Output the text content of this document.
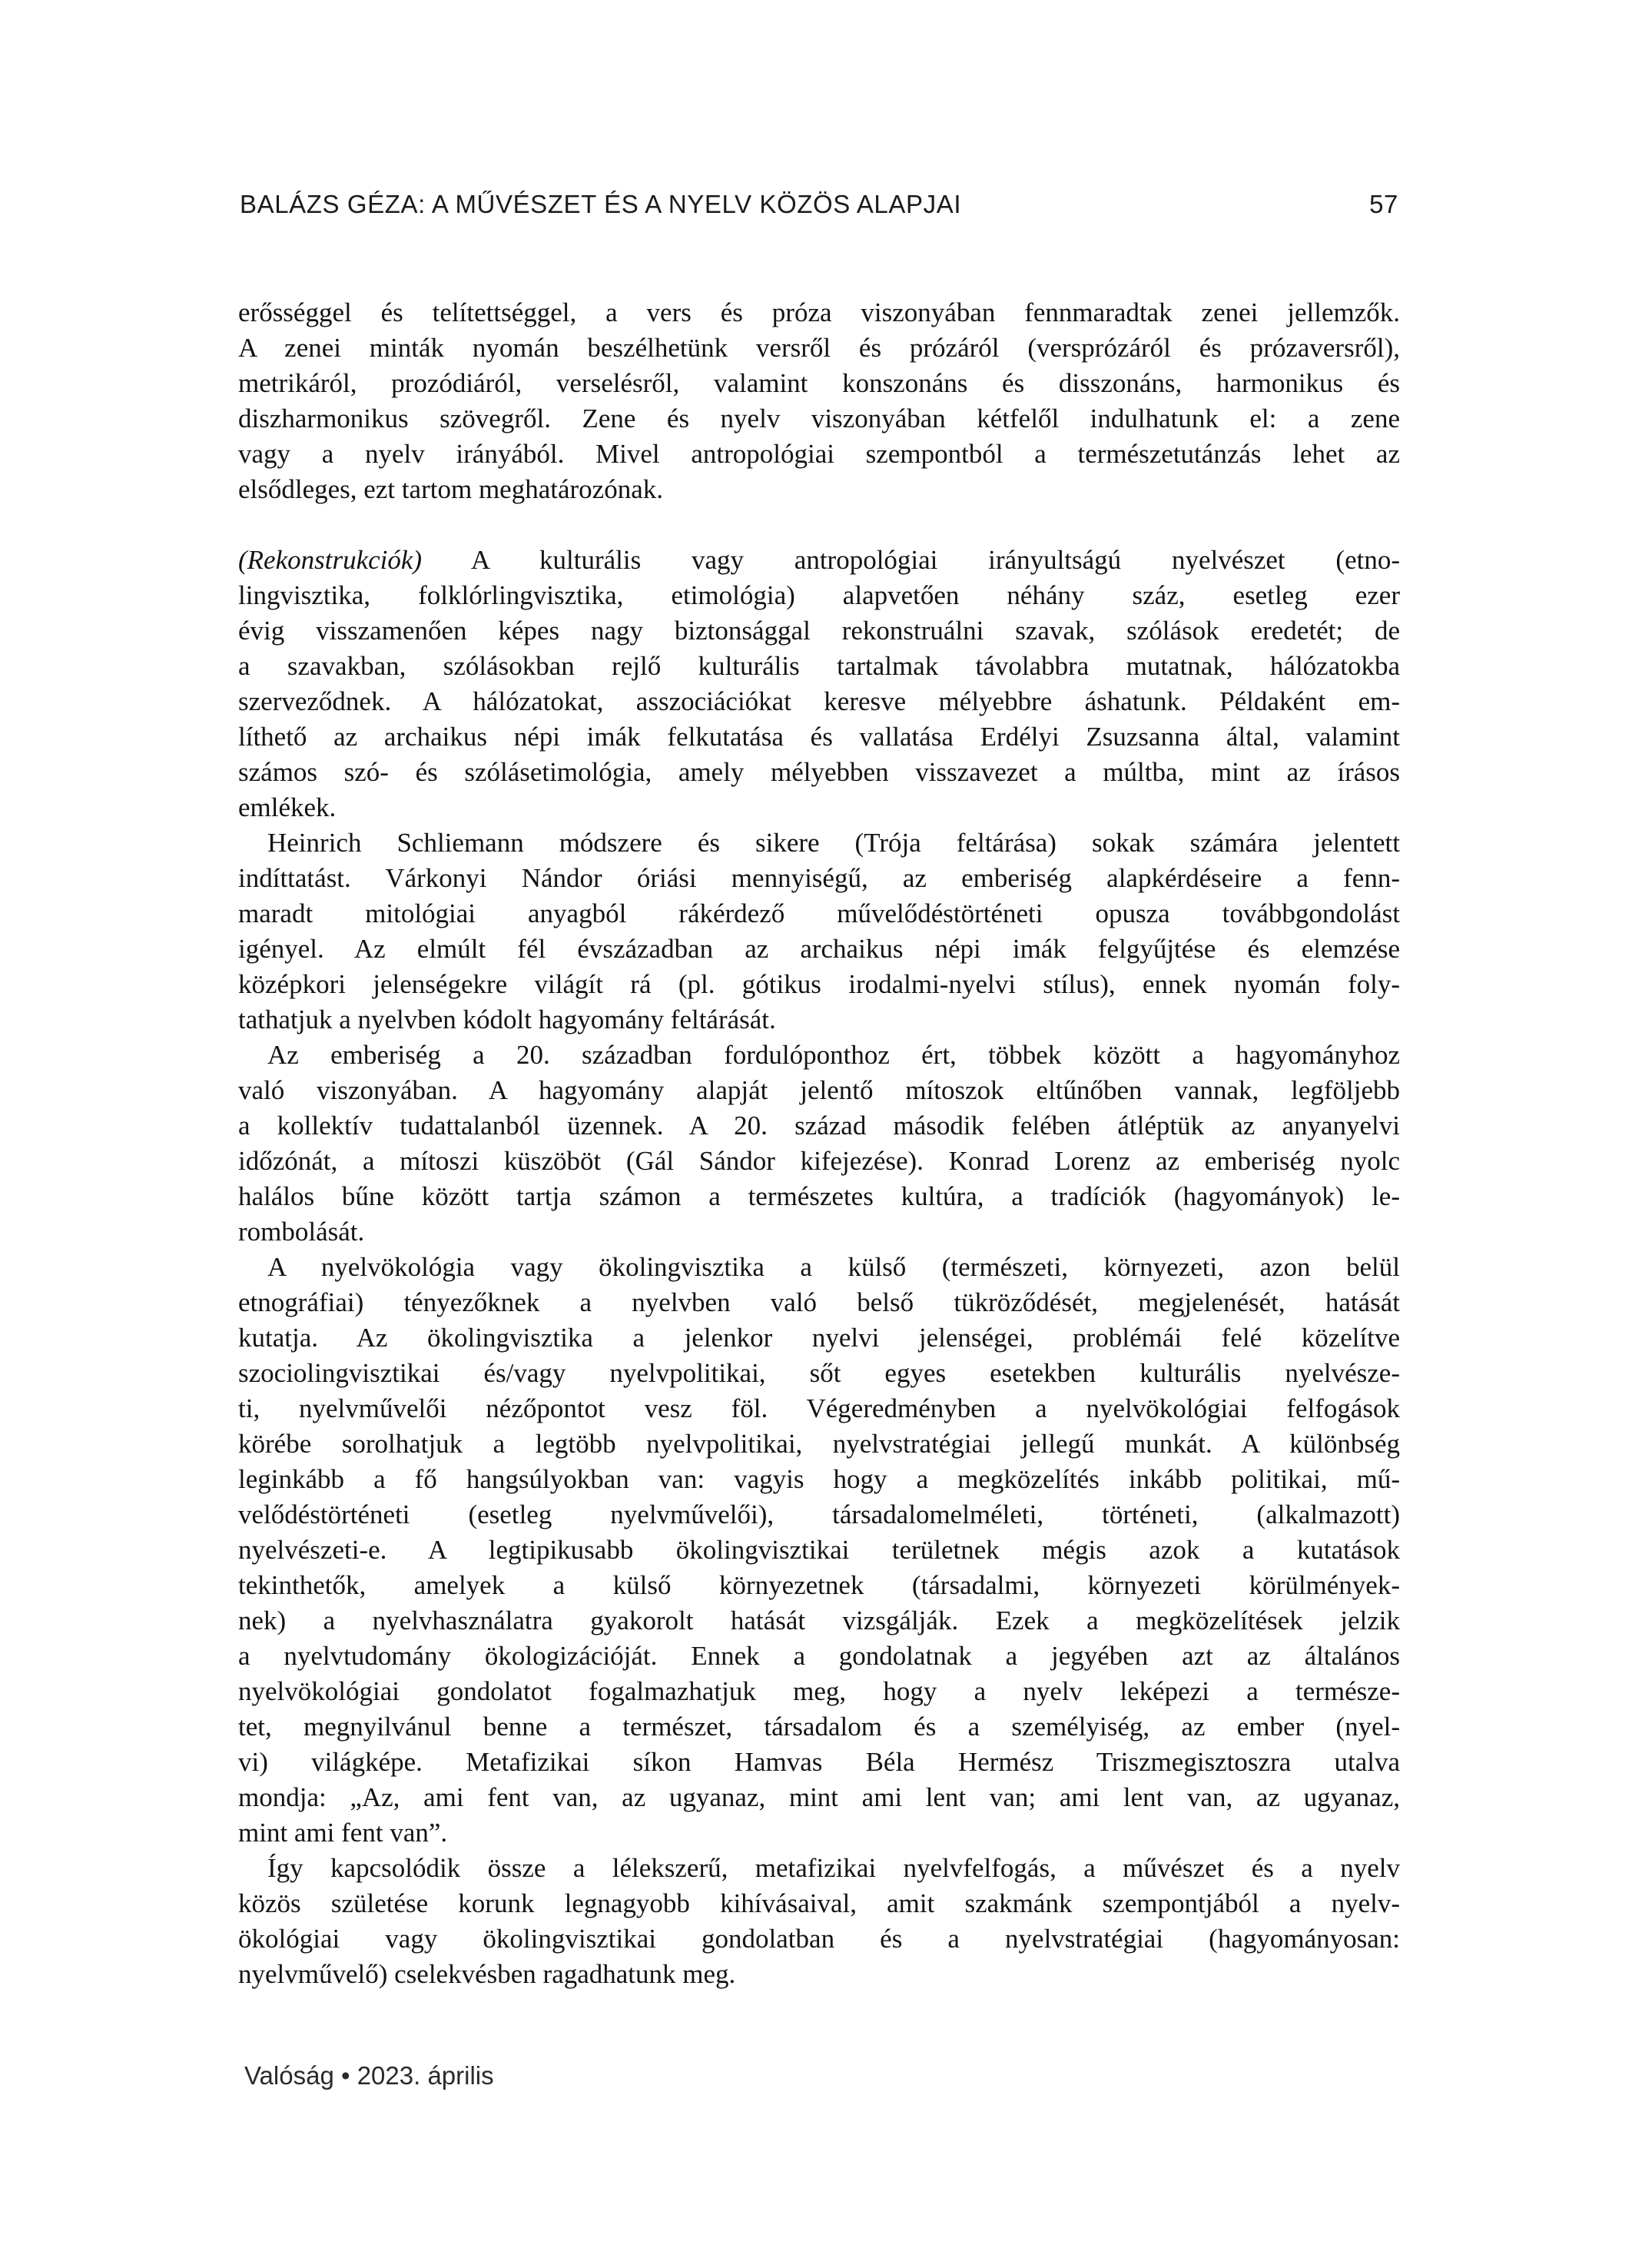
BALÁZS GÉZA: A MŰVÉSZET ÉS A NYELV KÖZÖS ALAPJAI	57

erősséggel és telítettséggel, a vers és próza viszonyában fennmaradtak zenei jellemzők.
A zenei minták nyomán beszélhetünk versről és prózáról (versprózáról és prózaversről),
metrikáról, prozódiáról, verselésről, valamint konszonáns és disszonáns, harmonikus és
diszharmonikus szövegről. Zene és nyelv viszonyában kétfelől indulhatunk el: a zene
vagy a nyelv irányából. Mivel antropológiai szempontból a természetutánzás lehet az
elsődleges, ezt tartom meghatározónak.

(Rekonstrukciók) A kulturális vagy antropológiai irányultságú nyelvészet (etno-
lingvisztika, folklórlingvisztika, etimológia) alapvetően néhány száz, esetleg ezer
évig visszamenően képes nagy biztonsággal rekonstruálni szavak, szólások eredetét; de
a szavakban, szólásokban rejlő kulturális tartalmak távolabbra mutatnak, hálózatokba
szerveződnek. A hálózatokat, asszociációkat keresve mélyebbre áshatunk. Példaként em-
líthető az archaikus népi imák felkutatása és vallatása Erdélyi Zsuzsanna által, valamint
számos szó- és szólásetimológia, amely mélyebben visszavezet a múltba, mint az írásos
emlékek.

Heinrich Schliemann módszere és sikere (Trója feltárása) sokak számára jelentett
indíttatást. Várkonyi Nándor óriási mennyiségű, az emberiség alapkérdéseire a fenn-
maradt mitológiai anyagból rákérdező művelődéstörténeti opusza továbbgondolást
igényel. Az elmúlt fél évszázadban az archaikus népi imák felgyűjtése és elemzése
középkori jelenségekre világít rá (pl. gótikus irodalmi-nyelvi stílus), ennek nyomán foly-
tathatjuk a nyelvben kódolt hagyomány feltárását.

Az emberiség a 20. században fordulóponthoz ért, többek között a hagyományhoz
való viszonyában. A hagyomány alapját jelentő mítoszok eltűnőben vannak, legföljebb
a kollektív tudattalanból üzennek. A 20. század második felében átléptük az anyanyelvi
időzónát, a mítoszi küszöböt (Gál Sándor kifejezése). Konrad Lorenz az emberiség nyolc
halálos bűne között tartja számon a természetes kultúra, a tradíciók (hagyományok) le-
rombolását.

A nyelvökológia vagy ökolingvisztika a külső (természeti, környezeti, azon belül
etnográfiai) tényezőknek a nyelvben való belső tükröződését, megjelenését, hatását
kutatja. Az ökolingvisztika a jelenkor nyelvi jelenségei, problémái felé közelítve
szociolingvisztikai és/vagy nyelvpolitikai, sőt egyes esetekben kulturális nyelvésze-
ti, nyelvművelői nézőpontot vesz föl. Végeredményben a nyelvökológiai felfogások
körébe sorolhatjuk a legtöbb nyelvpolitikai, nyelvstratégiai jellegű munkát. A különbség
leginkább a fő hangsúlyokban van: vagyis hogy a megközelítés inkább politikai, mű-
velődéstörténeti (esetleg nyelvművelői), társadalomelméleti, történeti, (alkalmazott)
nyelvészeti-e. A legtipikusabb ökolingvisztikai területnek mégis azok a kutatások
tekinthetők, amelyek a külső környezetnek (társadalmi, környezeti körülmények-
nek) a nyelvhasználatra gyakorolt hatását vizsgálják. Ezek a megközelítések jelzik
a nyelvtudomány ökologizációját. Ennek a gondolatnak a jegyében azt az általános
nyelvökológiai gondolatot fogalmazhatjuk meg, hogy a nyelv leképezi a természe-
tet, megnyilvánul benne a természet, társadalom és a személyiség, az ember (nyel-
vi) világképe. Metafizikai síkon Hamvas Béla Hermész Triszmegisztoszra utalva
mondja: „Az, ami fent van, az ugyanaz, mint ami lent van; ami lent van, az ugyanaz,
mint ami fent van”.

Így kapcsolódik össze a lélekszerű, metafizikai nyelvfelfogás, a művészet és a nyelv
közös születése korunk legnagyobb kihívásaival, amit szakmánk szempontjából a nyelv-
ökológiai vagy ökolingvisztikai gondolatban és a nyelvstratégiai (hagyományosan:
nyelvművelő) cselekvésben ragadhatunk meg.

Valóság • 2023. április
